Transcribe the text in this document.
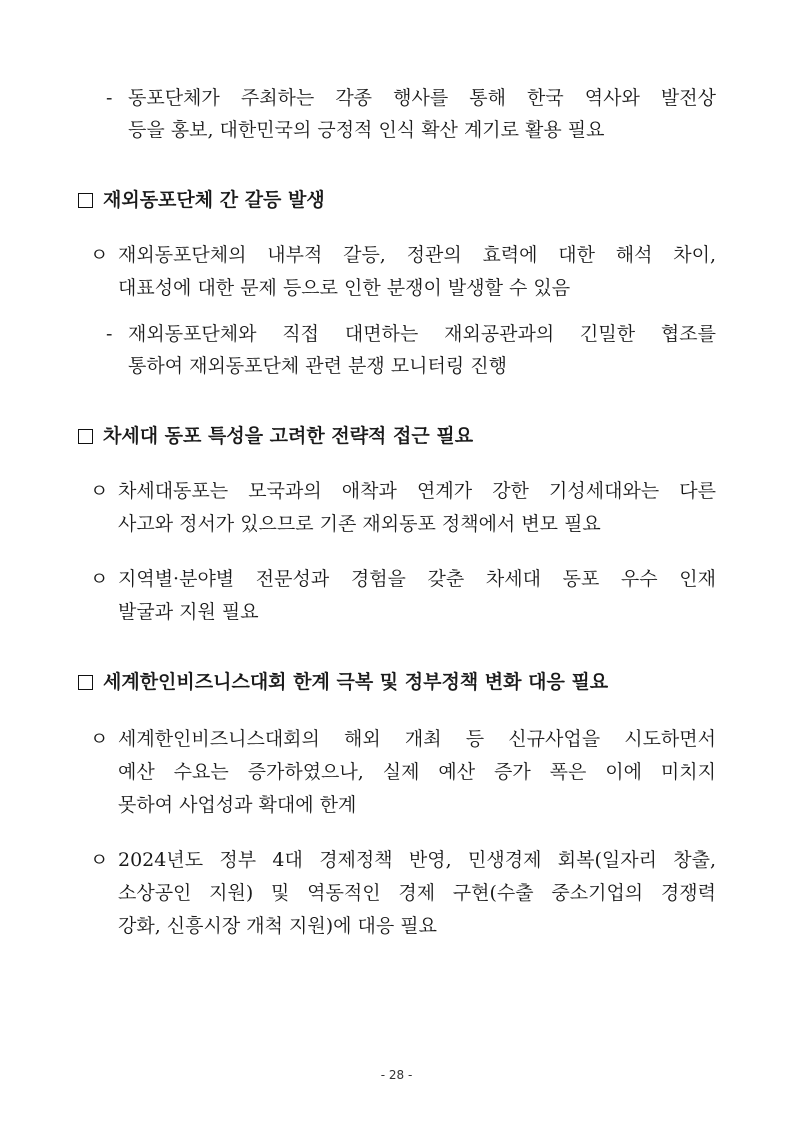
- 동포단체가 주최하는 각종 행사를 통해 한국 역사와 발전상
등을 홍보, 대한민국의 긍정적 인식 확산 계기로 활용 필요
재외동포단체 간 갈등 발생
ㅇ 재외동포단체의 내부적 갈등, 정관의 효력에 대한 해석 차이,
대표성에 대한 문제 등으로 인한 분쟁이 발생할 수 있음
- 재외동포단체와 직접 대면하는 재외공관과의 긴밀한 협조를
통하여 재외동포단체 관련 분쟁 모니터링 진행
차세대 동포 특성을 고려한 전략적 접근 필요
ㅇ 차세대동포는 모국과의 애착과 연계가 강한 기성세대와는 다른
사고와 정서가 있으므로 기존 재외동포 정책에서 변모 필요
ㅇ 지역별·분야별 전문성과 경험을 갖춘 차세대 동포 우수 인재
발굴과 지원 필요
세계한인비즈니스대회 한계 극복 및 정부정책 변화 대응 필요
ㅇ 세계한인비즈니스대회의 해외 개최 등 신규사업을 시도하면서
예산 수요는 증가하였으나, 실제 예산 증가 폭은 이에 미치지
못하여 사업성과 확대에 한계
ㅇ 2024년도 정부 4대 경제정책 반영, 민생경제 회복(일자리 창출,
소상공인 지원) 및 역동적인 경제 구현(수출 중소기업의 경쟁력
강화, 신흥시장 개척 지원)에 대응 필요
- 28 -
